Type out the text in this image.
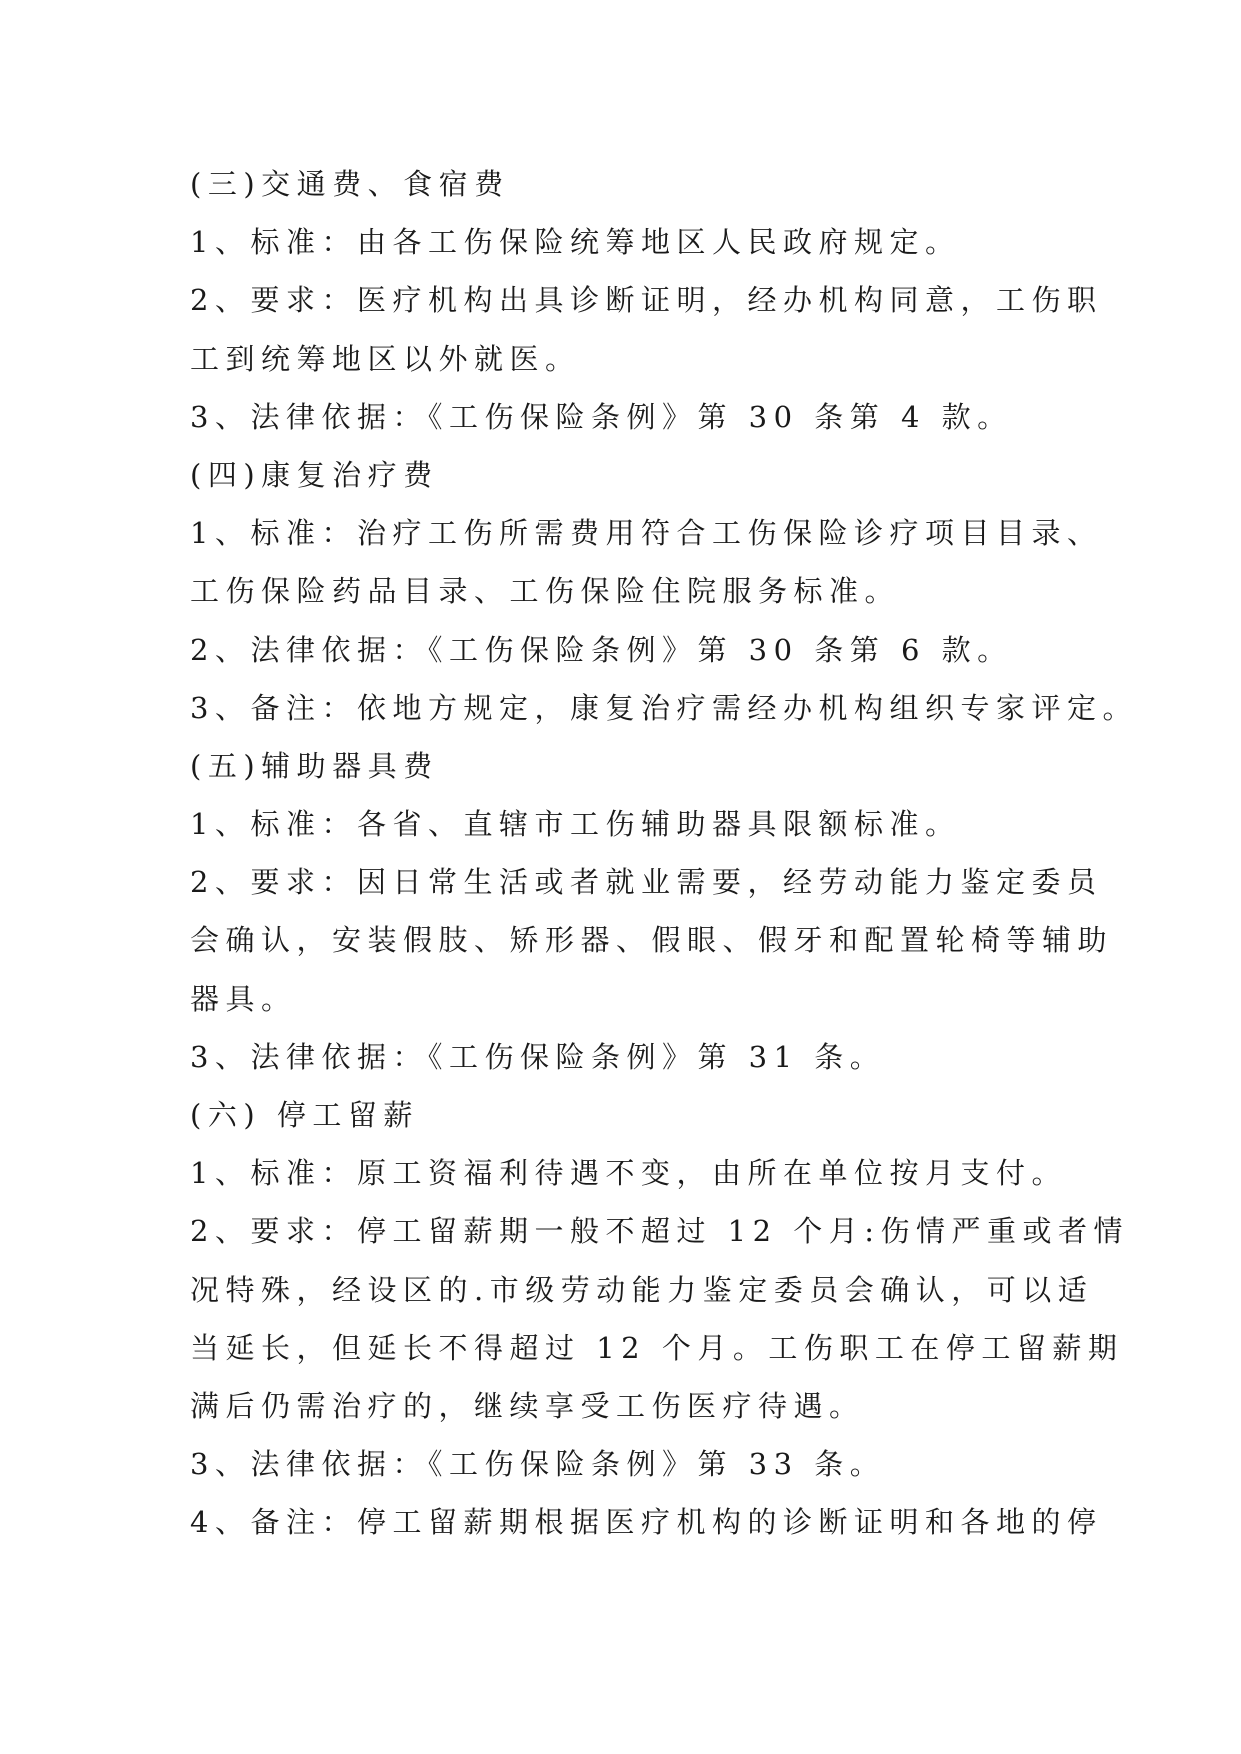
(三)交通费、食宿费
1、标准：由各工伤保险统筹地区人民政府规定。
2、要求：医疗机构出具诊断证明，经办机构同意，工伤职
工到统筹地区以外就医。
3、法律依据：《工伤保险条例》第 30 条第 4 款。
(四)康复治疗费
1、标准：治疗工伤所需费用符合工伤保险诊疗项目目录、
工伤保险药品目录、工伤保险住院服务标准。
2、法律依据：《工伤保险条例》第 30 条第 6 款。
3、备注：依地方规定，康复治疗需经办机构组织专家评定。
(五)辅助器具费
1、标准：各省、直辖市工伤辅助器具限额标准。
2、要求：因日常生活或者就业需要，经劳动能力鉴定委员
会确认，安装假肢、矫形器、假眼、假牙和配置轮椅等辅助
器具。
3、法律依据：《工伤保险条例》第 31 条。
(六) 停工留薪
1、标准：原工资福利待遇不变，由所在单位按月支付。
2、要求：停工留薪期一般不超过 12 个月:伤情严重或者情
况特殊，经设区的.市级劳动能力鉴定委员会确认，可以适
当延长，但延长不得超过 12 个月。工伤职工在停工留薪期
满后仍需治疗的，继续享受工伤医疗待遇。
3、法律依据：《工伤保险条例》第 33 条。
4、备注：停工留薪期根据医疗机构的诊断证明和各地的停
